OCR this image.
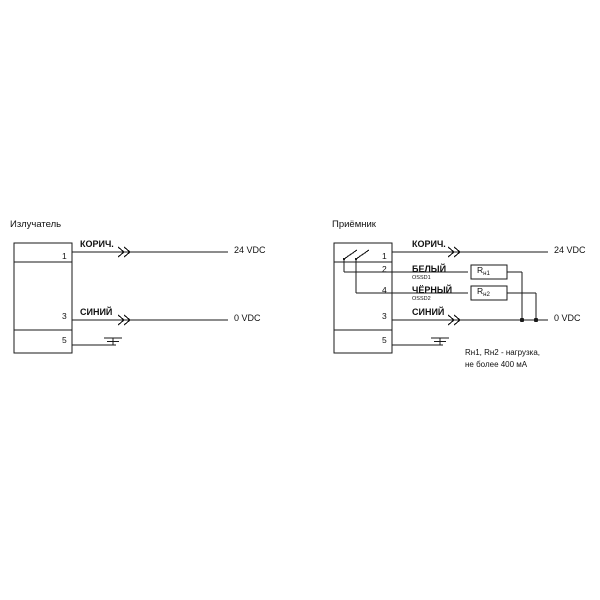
Излучатель
КОРИЧ.
СИНИЙ
1
3
5
24 VDC
0 VDC
Приёмник
КОРИЧ.
БЕЛЫЙ
OSSD1
ЧЁРНЫЙ
OSSD2
СИНИЙ
1
2
4
3
5
24 VDC
0 VDC
$R_{н1}$
$R_{н2}$
Rн1, Rн2 - нагрузка,
не более 400 мА
